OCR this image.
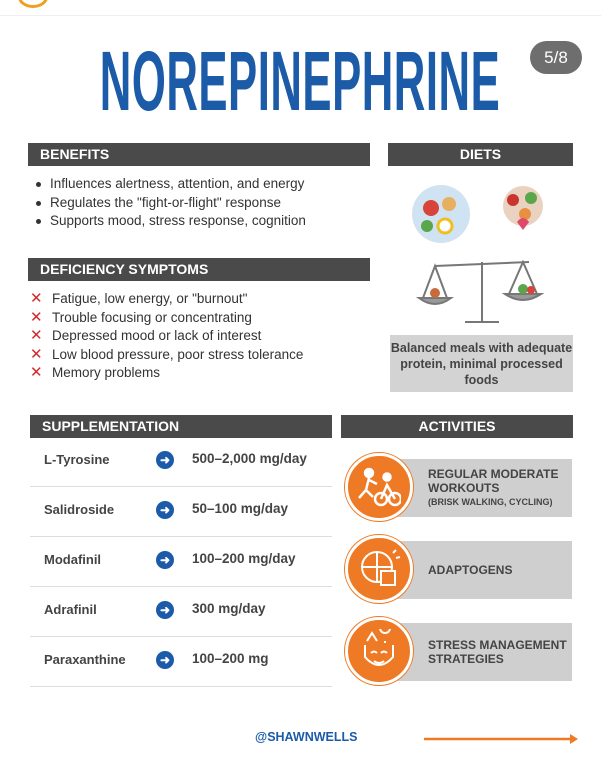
NOREPINEPHRINE	5/8
BENEFITS
Influences alertness, attention, and energy
Regulates the "fight-or-flight" response
Supports mood, stress response, cognition
DEFICIENCY SYMPTOMS
✕ Fatigue, low energy, or "burnout"
✕ Trouble focusing or concentrating
✕ Depressed mood or lack of interest
✕ Low blood pressure, poor stress tolerance
✕ Memory problems
DIETS
Balanced meals with adequate protein, minimal processed foods
SUPPLEMENTATION
L-Tyrosine	➜ 500–2,000 mg/day
Salidroside	➜ 50–100 mg/day
Modafinil	➜ 100–200 mg/day
Adrafinil	➜ 300 mg/day
Paraxanthine	➜ 100–200 mg
ACTIVITIES
REGULAR MODERATE WORKOUTS
(BRISK WALKING, CYCLING)
ADAPTOGENS
STRESS MANAGEMENT STRATEGIES
@SHAWNWELLS
